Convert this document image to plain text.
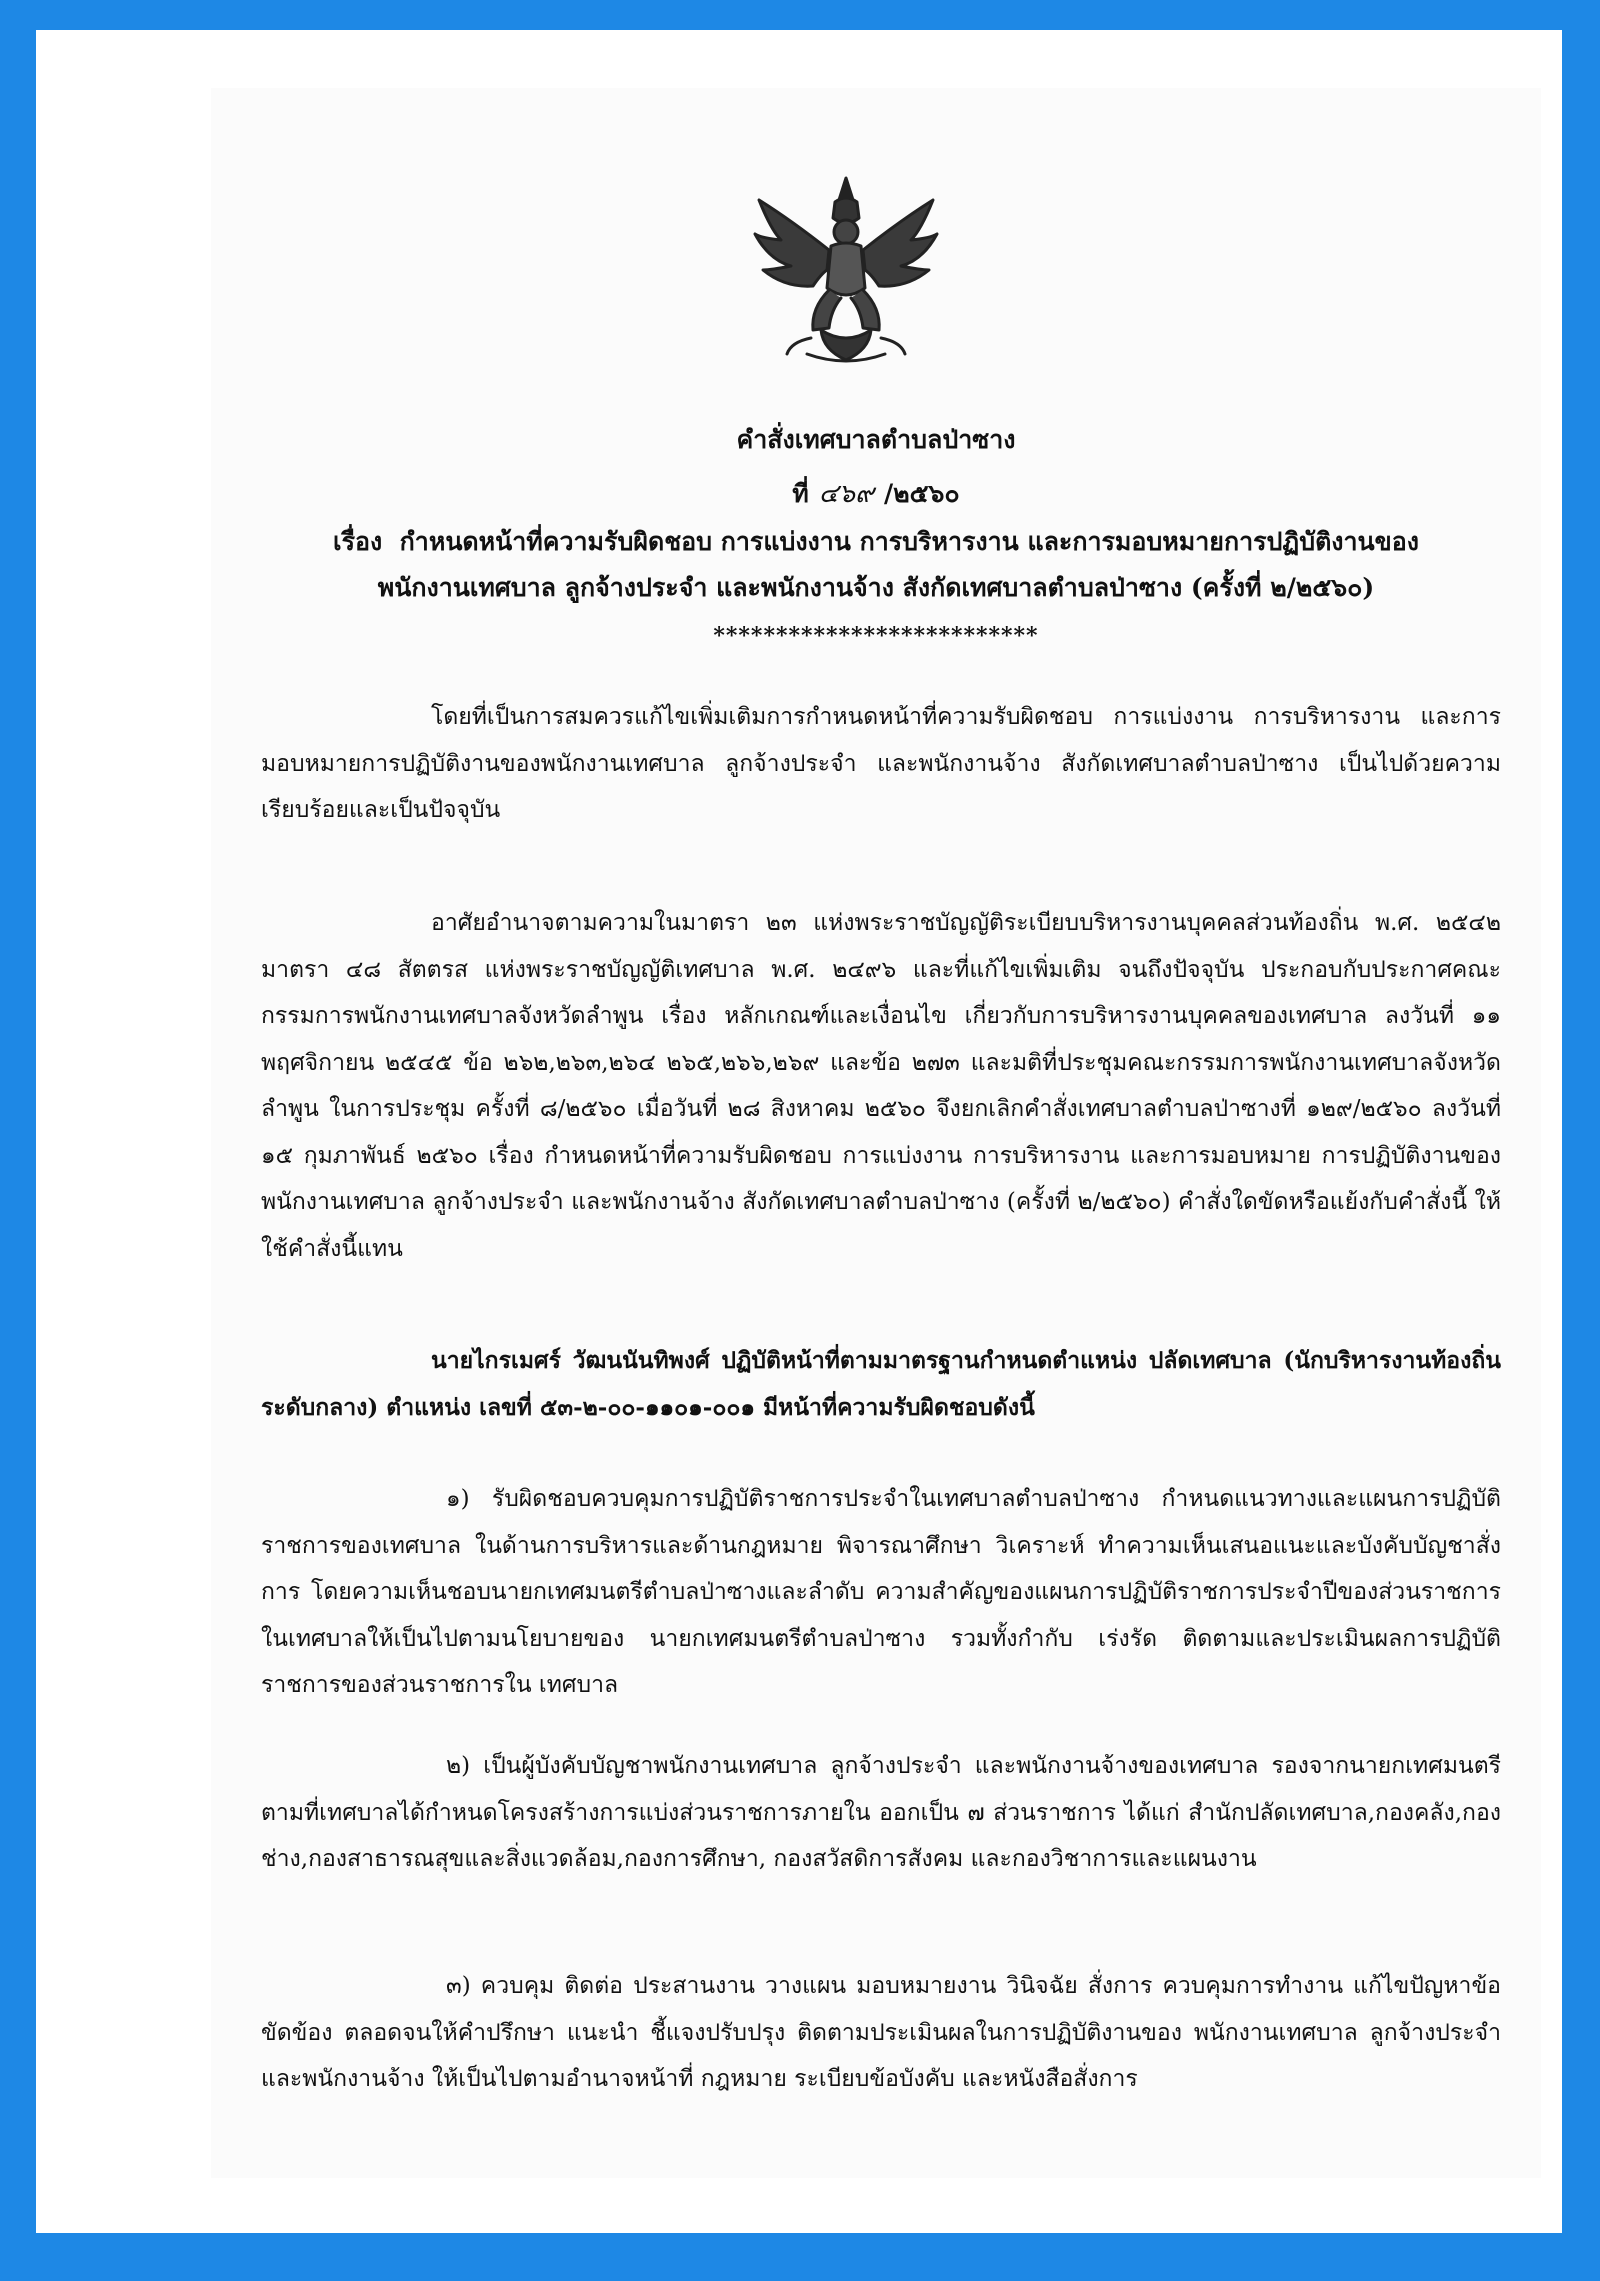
คำสั่งเทศบาลตำบลป่าซาง
ที่ ๔๖๙ /๒๕๖๐
เรื่อง กำหนดหน้าที่ความรับผิดชอบ การแบ่งงาน การบริหารงาน และการมอบหมายการปฏิบัติงานของ
พนักงานเทศบาล ลูกจ้างประจำ และพนักงานจ้าง สังกัดเทศบาลตำบลป่าซาง (ครั้งที่ ๒/๒๕๖๐)
**************************
โดยที่เป็นการสมควรแก้ไขเพิ่มเติมการกำหนดหน้าที่ความรับผิดชอบ การแบ่งงาน การบริหารงาน และการมอบหมายการปฏิบัติงานของพนักงานเทศบาล ลูกจ้างประจำ และพนักงานจ้าง สังกัดเทศบาลตำบลป่าซาง เป็นไปด้วยความเรียบร้อยและเป็นปัจจุบัน
อาศัยอำนาจตามความในมาตรา ๒๓ แห่งพระราชบัญญัติระเบียบบริหารงานบุคคลส่วนท้องถิ่น พ.ศ. ๒๕๔๒ มาตรา ๔๘ สัตตรส แห่งพระราชบัญญัติเทศบาล พ.ศ. ๒๔๙๖ และที่แก้ไขเพิ่มเติม จนถึงปัจจุบัน ประกอบกับประกาศคณะกรรมการพนักงานเทศบาลจังหวัดลำพูน เรื่อง หลักเกณฑ์และเงื่อนไข เกี่ยวกับการบริหารงานบุคคลของเทศบาล ลงวันที่ ๑๑ พฤศจิกายน ๒๕๔๕ ข้อ ๒๖๒,๒๖๓,๒๖๔ ๒๖๕,๒๖๖,๒๖๙ และข้อ ๒๗๓ และมติที่ประชุมคณะกรรมการพนักงานเทศบาลจังหวัดลำพูน ในการประชุม ครั้งที่ ๘/๒๕๖๐ เมื่อวันที่ ๒๘ สิงหาคม ๒๕๖๐ จึงยกเลิกคำสั่งเทศบาลตำบลป่าซางที่ ๑๒๙/๒๕๖๐ ลงวันที่ ๑๕ กุมภาพันธ์ ๒๕๖๐ เรื่อง กำหนดหน้าที่ความรับผิดชอบ การแบ่งงาน การบริหารงาน และการมอบหมาย การปฏิบัติงานของพนักงานเทศบาล ลูกจ้างประจำ และพนักงานจ้าง สังกัดเทศบาลตำบลป่าซาง (ครั้งที่ ๒/๒๕๖๐) คำสั่งใดขัดหรือแย้งกับคำสั่งนี้ ให้ใช้คำสั่งนี้แทน
นายไกรเมศร์ วัฒนนันทิพงศ์ ปฏิบัติหน้าที่ตามมาตรฐานกำหนดตำแหน่ง ปลัดเทศบาล (นักบริหารงานท้องถิ่น ระดับกลาง) ตำแหน่ง เลขที่ ๕๓-๒-๐๐-๑๑๐๑-๐๐๑ มีหน้าที่ความรับผิดชอบดังนี้
๑) รับผิดชอบควบคุมการปฏิบัติราชการประจำในเทศบาลตำบลป่าซาง กำหนดแนวทางและแผนการปฏิบัติราชการของเทศบาล ในด้านการบริหารและด้านกฎหมาย พิจารณาศึกษา วิเคราะห์ ทำความเห็นเสนอแนะและบังคับบัญชาสั่งการ โดยความเห็นชอบนายกเทศมนตรีตำบลป่าซางและลำดับ ความสำคัญของแผนการปฏิบัติราชการประจำปีของส่วนราชการในเทศบาลให้เป็นไปตามนโยบายของ นายกเทศมนตรีตำบลป่าซาง รวมทั้งกำกับ เร่งรัด ติดตามและประเมินผลการปฏิบัติราชการของส่วนราชการใน เทศบาล
๒) เป็นผู้บังคับบัญชาพนักงานเทศบาล ลูกจ้างประจำ และพนักงานจ้างของเทศบาล รองจากนายกเทศมนตรี ตามที่เทศบาลได้กำหนดโครงสร้างการแบ่งส่วนราชการภายใน ออกเป็น ๗ ส่วนราชการ ได้แก่ สำนักปลัดเทศบาล,กองคลัง,กองช่าง,กองสาธารณสุขและสิ่งแวดล้อม,กองการศึกษา, กองสวัสดิการสังคม และกองวิชาการและแผนงาน
๓) ควบคุม ติดต่อ ประสานงาน วางแผน มอบหมายงาน วินิจฉัย สั่งการ ควบคุมการทำงาน แก้ไขปัญหาข้อขัดข้อง ตลอดจนให้คำปรึกษา แนะนำ ชี้แจงปรับปรุง ติดตามประเมินผลในการปฏิบัติงานของ พนักงานเทศบาล ลูกจ้างประจำ และพนักงานจ้าง ให้เป็นไปตามอำนาจหน้าที่ กฎหมาย ระเบียบข้อบังคับ และหนังสือสั่งการ
